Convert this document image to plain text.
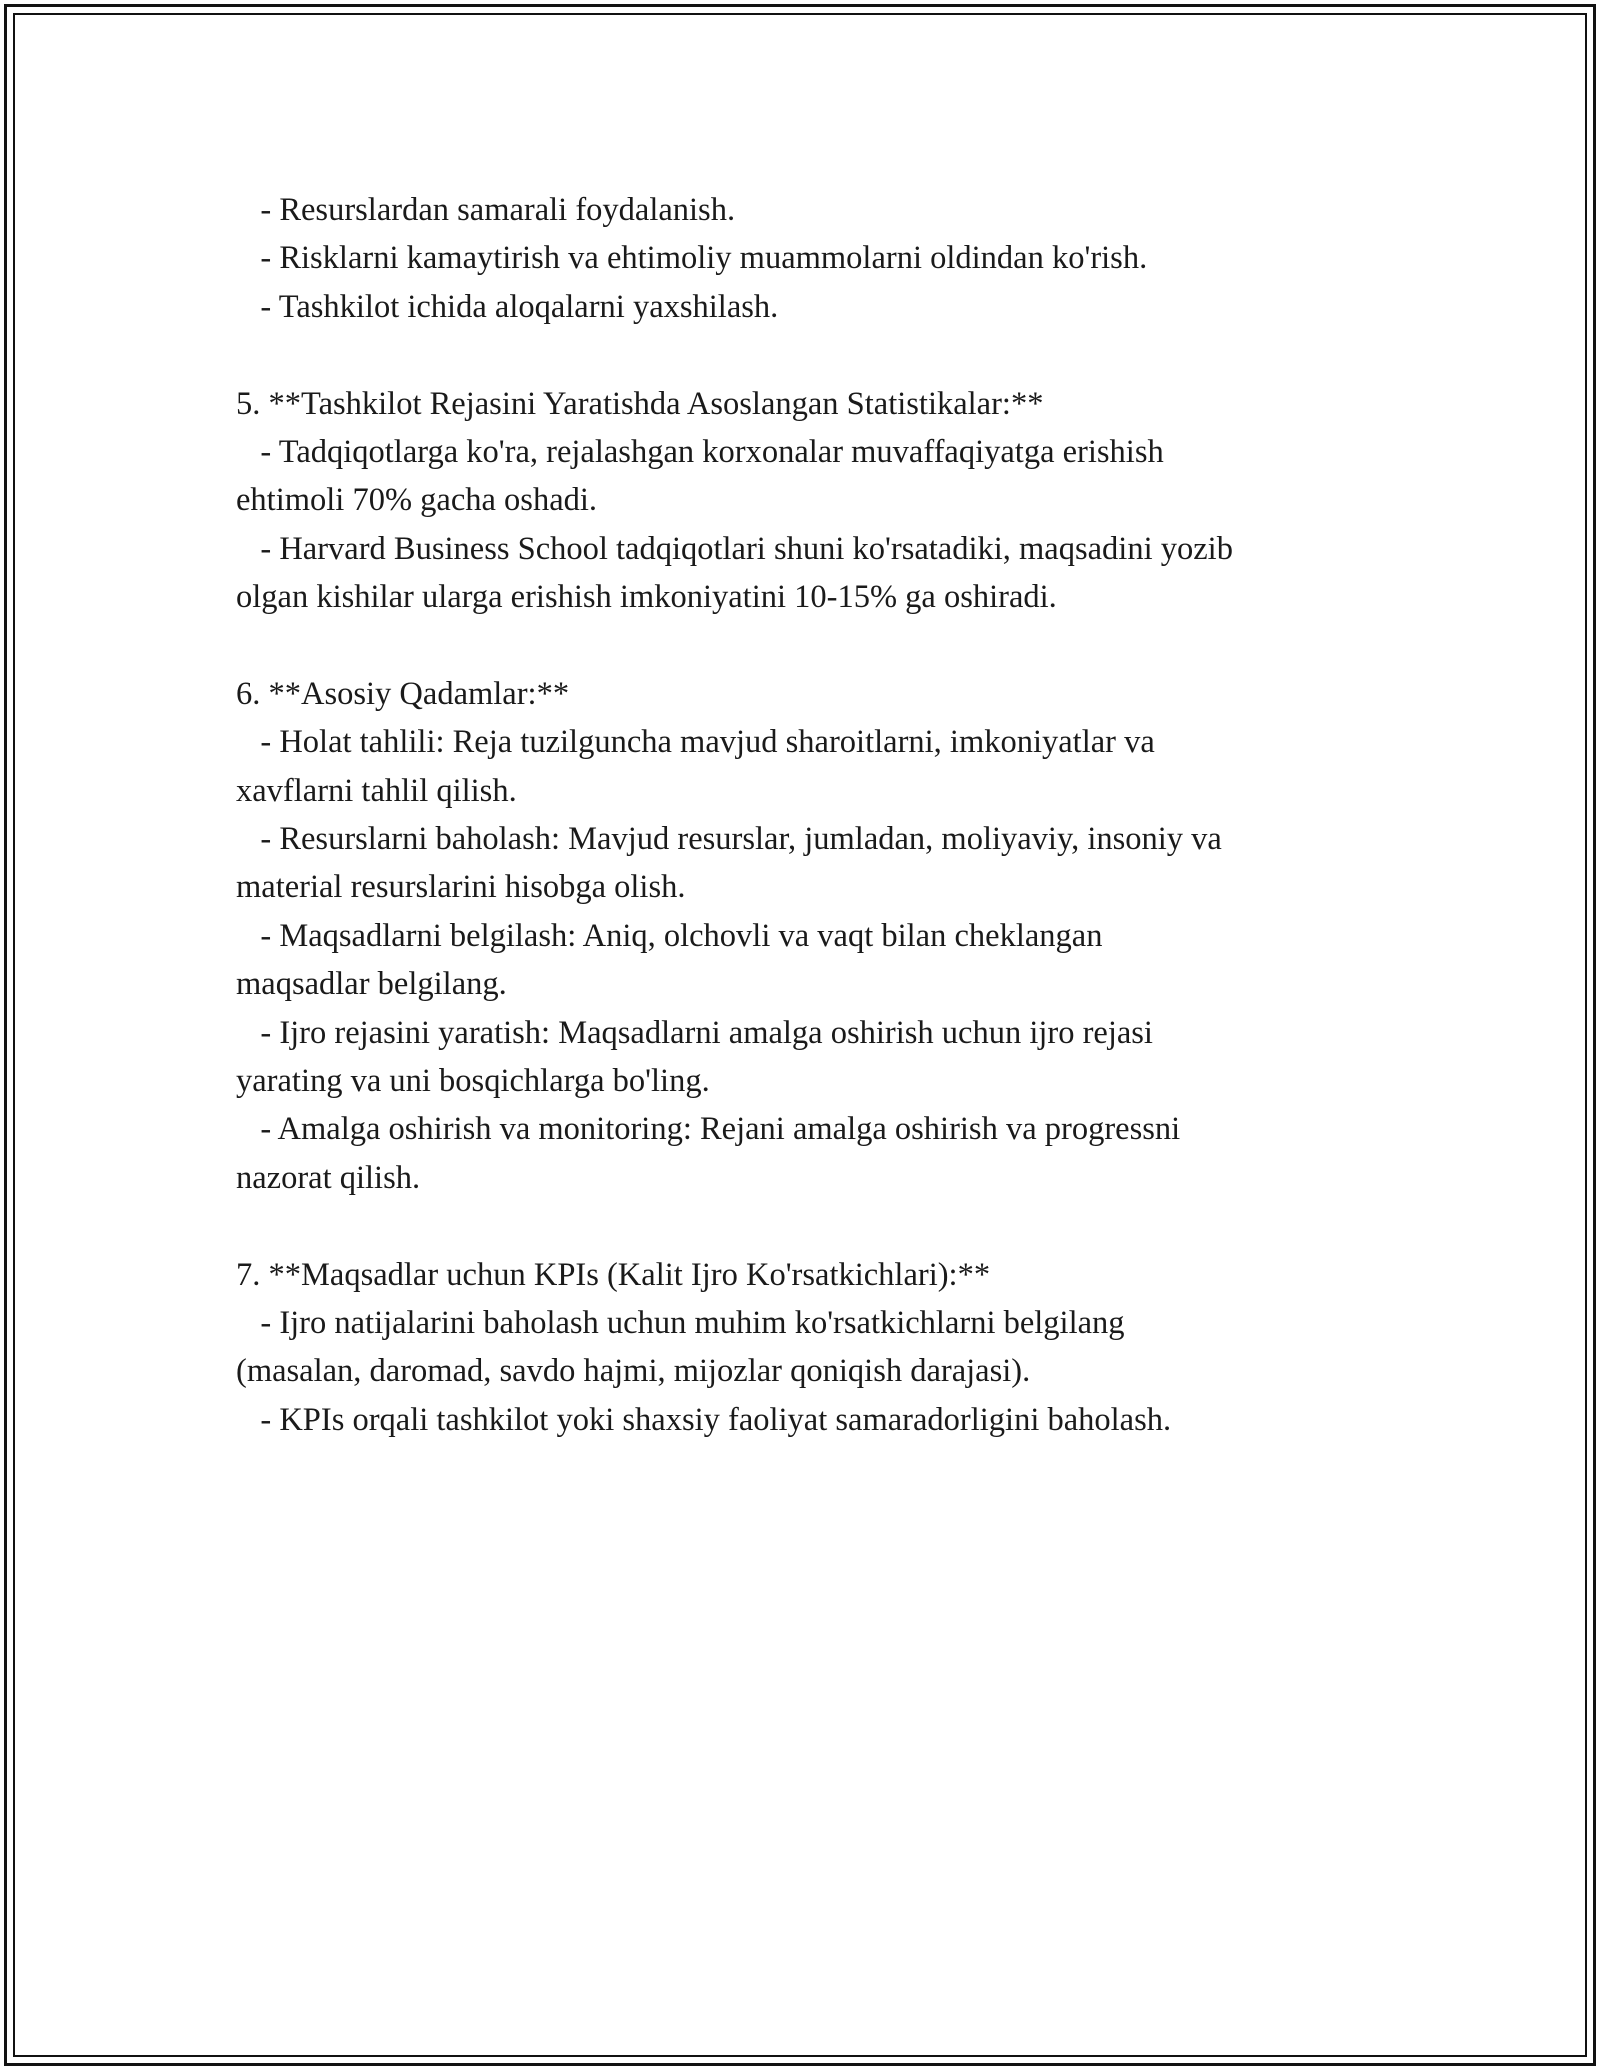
- Resurslardan samarali foydalanish.
- Risklarni kamaytirish va ehtimoliy muammolarni oldindan ko'rish.
- Tashkilot ichida aloqalarni yaxshilash.
5. **Tashkilot Rejasini Yaratishda Asoslangan Statistikalar:**
- Tadqiqotlarga ko'ra, rejalashgan korxonalar muvaffaqiyatga erishish
ehtimoli 70% gacha oshadi.
- Harvard Business School tadqiqotlari shuni ko'rsatadiki, maqsadini yozib
olgan kishilar ularga erishish imkoniyatini 10-15% ga oshiradi.
6. **Asosiy Qadamlar:**
- Holat tahlili: Reja tuzilguncha mavjud sharoitlarni, imkoniyatlar va
xavflarni tahlil qilish.
- Resurslarni baholash: Mavjud resurslar, jumladan, moliyaviy, insoniy va
material resurslarini hisobga olish.
- Maqsadlarni belgilash: Aniq, olchovli va vaqt bilan cheklangan
maqsadlar belgilang.
- Ijro rejasini yaratish: Maqsadlarni amalga oshirish uchun ijro rejasi
yarating va uni bosqichlarga bo'ling.
- Amalga oshirish va monitoring: Rejani amalga oshirish va progressni
nazorat qilish.
7. **Maqsadlar uchun KPIs (Kalit Ijro Ko'rsatkichlari):**
- Ijro natijalarini baholash uchun muhim ko'rsatkichlarni belgilang
(masalan, daromad, savdo hajmi, mijozlar qoniqish darajasi).
- KPIs orqali tashkilot yoki shaxsiy faoliyat samaradorligini baholash.
